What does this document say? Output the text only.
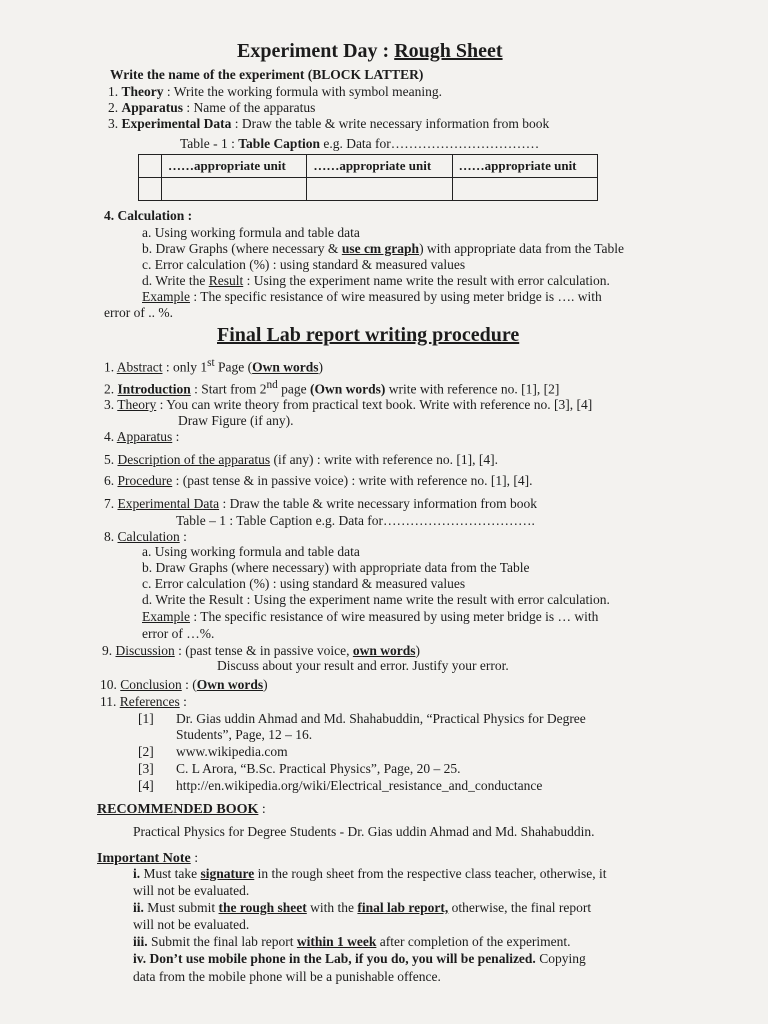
Experiment Day : Rough Sheet
Write the name of the experiment (BLOCK LATTER)
1. Theory : Write the working formula with symbol meaning.
2. Apparatus : Name of the apparatus
3. Experimental Data : Draw the table & write necessary information from book
Table - 1 : Table Caption e.g. Data for……………………………
	……appropriate unit	……appropriate unit	……appropriate unit

4. Calculation :
a. Using working formula and table data
b. Draw Graphs (where necessary & use cm graph) with appropriate data from the Table
c. Error calculation (%) : using standard & measured values
d. Write the Result : Using the experiment name write the result with error calculation.
Example : The specific resistance of wire measured by using meter bridge is …. with
error of .. %.
Final Lab report writing procedure
1. Abstract : only 1st Page (Own words)
2. Introduction : Start from 2nd page (Own words) write with reference no. [1], [2]
3. Theory : You can write theory from practical text book. Write with reference no. [3], [4]
Draw Figure (if any).
4. Apparatus :
5. Description of the apparatus (if any) : write with reference no. [1], [4].
6. Procedure : (past tense & in passive voice) : write with reference no. [1], [4].
7. Experimental Data : Draw the table & write necessary information from book
Table – 1 : Table Caption e.g. Data for…………………………….
8. Calculation :
a. Using working formula and table data
b. Draw Graphs (where necessary) with appropriate data from the Table
c. Error calculation (%) : using standard & measured values
d. Write the Result : Using the experiment name write the result with error calculation.
Example : The specific resistance of wire measured by using meter bridge is … with
error of …%.
9. Discussion : (past tense & in passive voice, own words)
Discuss about your result and error. Justify your error.
10. Conclusion : (Own words)
11. References :
[1] Dr. Gias uddin Ahmad and Md. Shahabuddin, “Practical Physics for Degree
Students”, Page, 12 – 16.
[2] www.wikipedia.com
[3] C. L Arora, “B.Sc. Practical Physics”, Page, 20 – 25.
[4] http://en.wikipedia.org/wiki/Electrical_resistance_and_conductance
RECOMMENDED BOOK :
Practical Physics for Degree Students - Dr. Gias uddin Ahmad and Md. Shahabuddin.
Important Note :
i. Must take signature in the rough sheet from the respective class teacher, otherwise, it
will not be evaluated.
ii. Must submit the rough sheet with the final lab report, otherwise, the final report
will not be evaluated.
iii. Submit the final lab report within 1 week after completion of the experiment.
iv. Don’t use mobile phone in the Lab, if you do, you will be penalized. Copying
data from the mobile phone will be a punishable offence.
